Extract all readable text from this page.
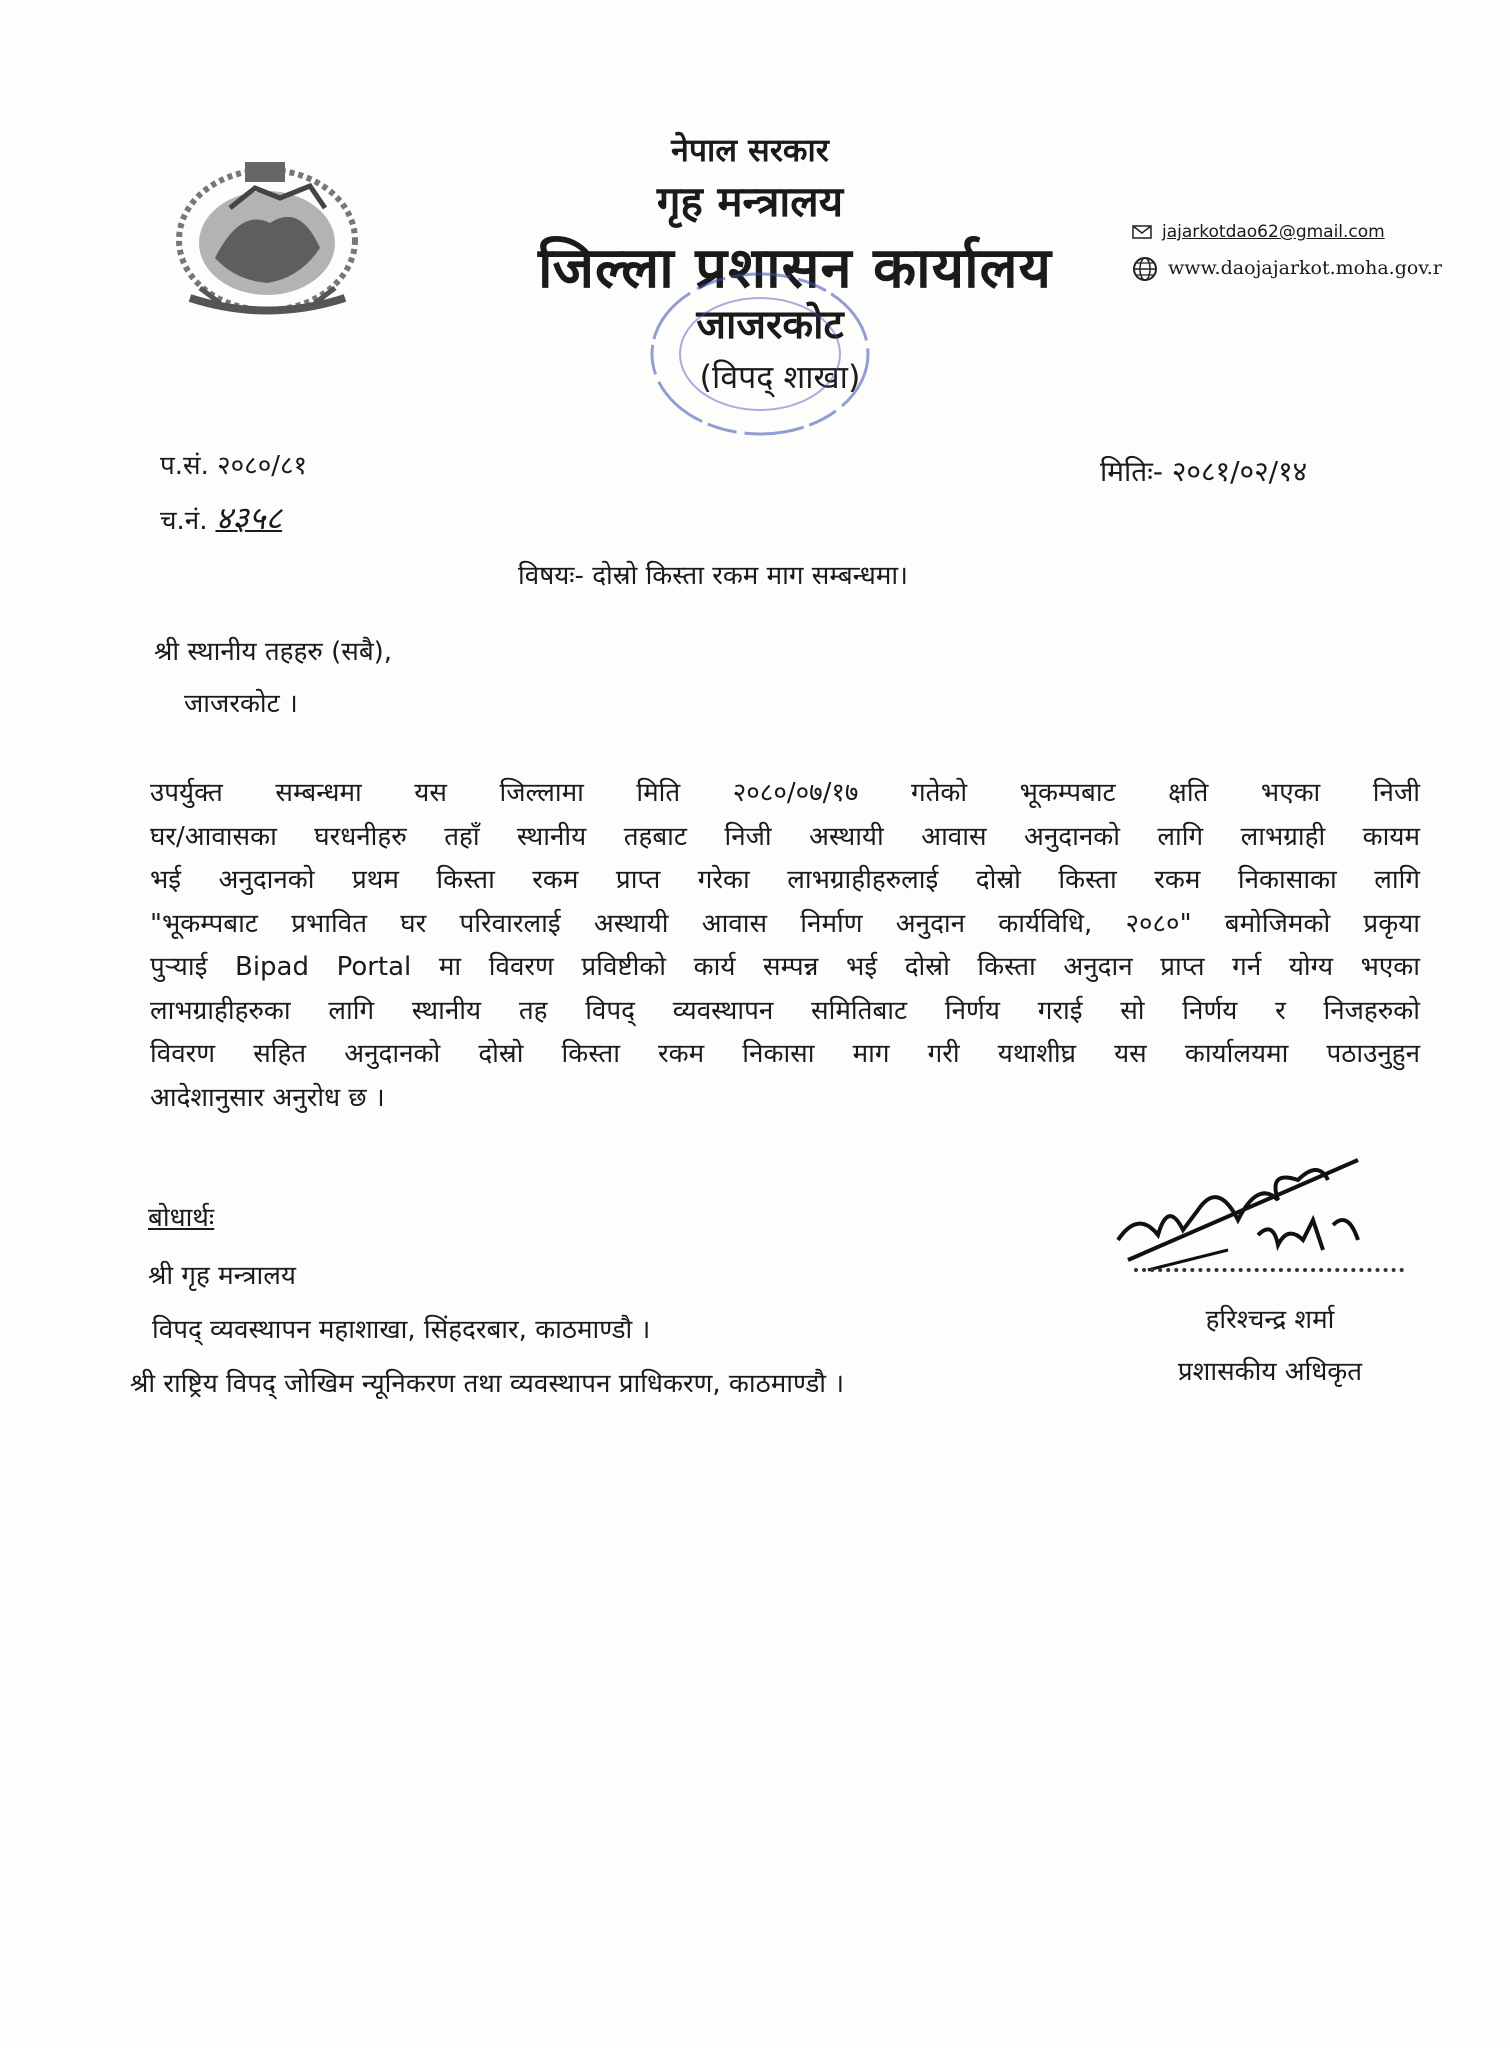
नेपाल सरकार
गृह मन्त्रालय
जिल्ला प्रशासन कार्यालय
जाजरकोट
(विपद् शाखा)
jajarkotdao62@gmail.com
www.daojajarkot.moha.gov.r
प.सं. २०८०/८१
च.नं. ४३५८
मितिः- २०८१/०२/१४
विषयः- दोस्रो किस्ता रकम माग सम्बन्धमा।
श्री स्थानीय तहहरु (सबै),
जाजरकोट ।
उपर्युक्त सम्बन्धमा यस जिल्लामा मिति २०८०/०७/१७ गतेको भूकम्पबाट क्षति भएका निजी
घर/आवासका घरधनीहरु तहाँ स्थानीय तहबाट निजी अस्थायी आवास अनुदानको लागि लाभग्राही कायम
भई अनुदानको प्रथम किस्ता रकम प्राप्त गरेका लाभग्राहीहरुलाई दोस्रो किस्ता रकम निकासाका लागि
"भूकम्पबाट प्रभावित घर परिवारलाई अस्थायी आवास निर्माण अनुदान कार्यविधि, २०८०" बमोजिमको प्रकृया
पुऱ्याई Bipad Portal मा विवरण प्रविष्टीको कार्य सम्पन्न भई दोस्रो किस्ता अनुदान प्राप्त गर्न योग्य भएका
लाभग्राहीहरुका लागि स्थानीय तह विपद् व्यवस्थापन समितिबाट निर्णय गराई सो निर्णय र निजहरुको
विवरण सहित अनुदानको दोस्रो किस्ता रकम निकासा माग गरी यथाशीघ्र यस कार्यालयमा पठाउनुहुन
आदेशानुसार अनुरोध छ ।
बोधार्थः
श्री गृह मन्त्रालय
विपद् व्यवस्थापन महाशाखा, सिंहदरबार, काठमाण्डौ ।
श्री राष्ट्रिय विपद् जोखिम न्यूनिकरण तथा व्यवस्थापन प्राधिकरण, काठमाण्डौ ।
हरिश्चन्द्र शर्मा
प्रशासकीय अधिकृत
